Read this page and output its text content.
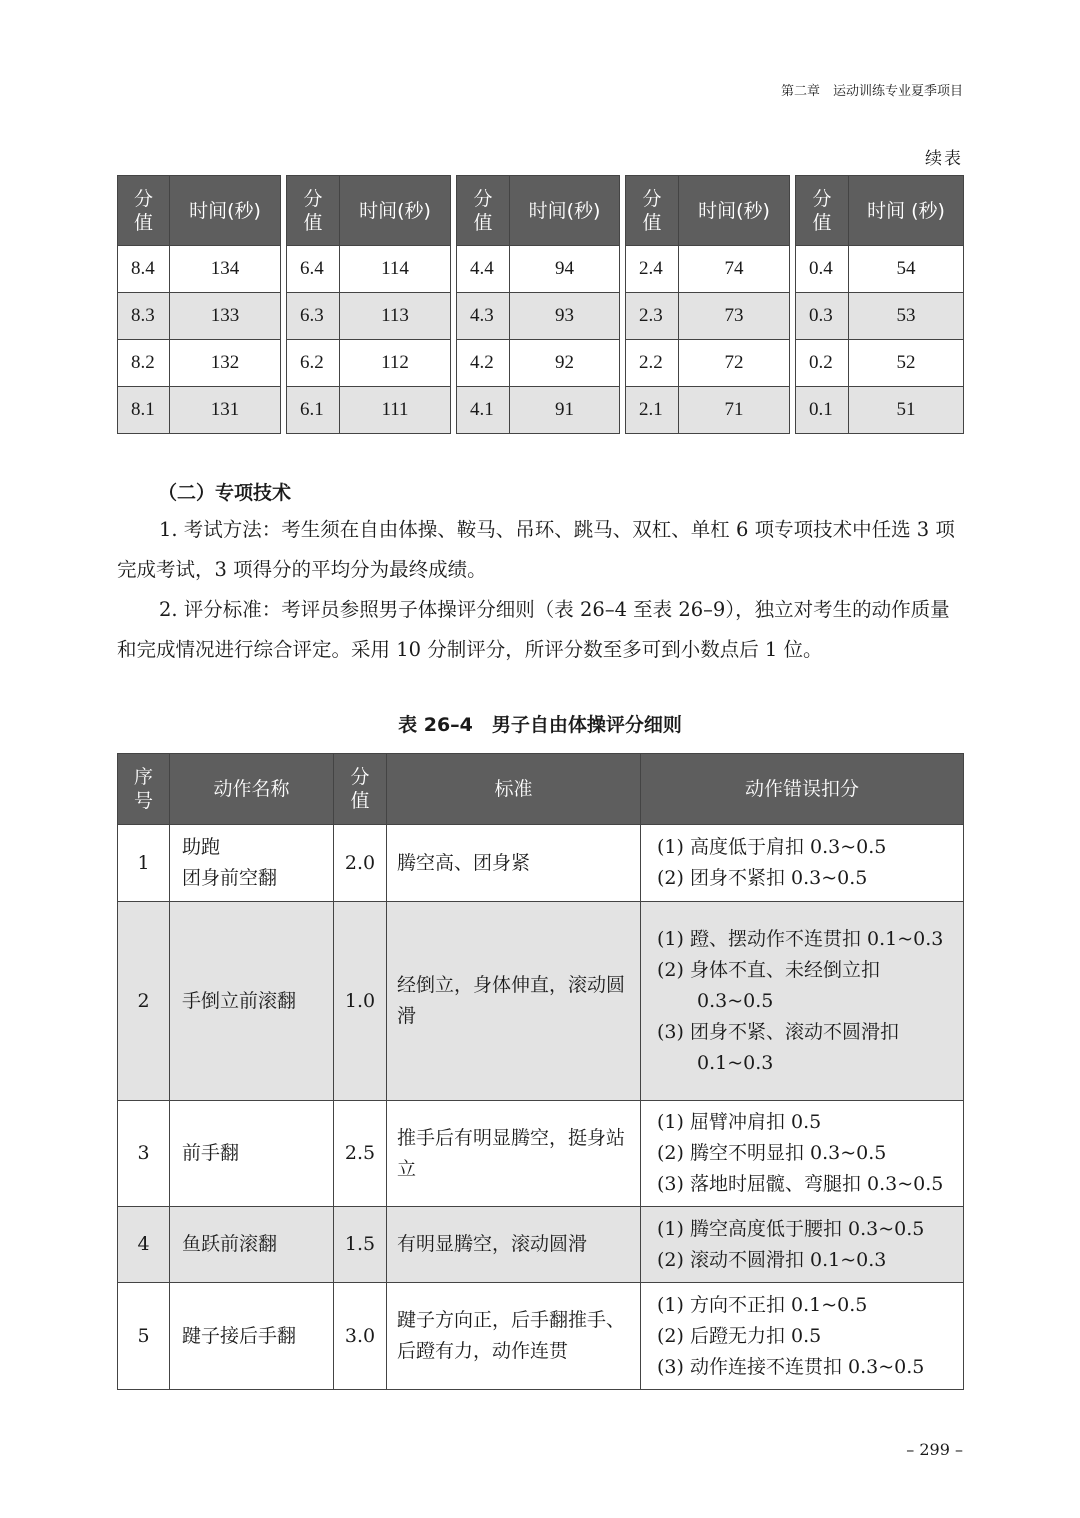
第二章　运动训练专业夏季项目
续表
分
值	时间(秒)
8.4	134
8.3	133
8.2	132
8.1	131
分
值	时间(秒)
6.4	114
6.3	113
6.2	112
6.1	111
分
值	时间(秒)
4.4	94
4.3	93
4.2	92
4.1	91
分
值	时间(秒)
2.4	74
2.3	73
2.2	72
2.1	71
分
值	时间 (秒)
0.4	54
0.3	53
0.2	52
0.1	51
（二）专项技术

1. 考试方法：考生须在自由体操、鞍马、吊环、跳马、双杠、单杠 6 项专项技术中任选 3 项完成考试，3 项得分的平均分为最终成绩。

2. 评分标准：考评员参照男子体操评分细则（表 26–4 至表 26–9），独立对考生的动作质量和完成情况进行综合评定。采用 10 分制评分，所评分数至多可到小数点后 1 位。

表 26–4　男子自由体操评分细则
序
号	动作名称	分
值	标准	动作错误扣分
1	助跑
团身前空翻	2.0	腾空高、团身紧	(1) 高度低于肩扣 0.3~0.5
(2) 团身不紧扣 0.3~0.5

2	手倒立前滚翻	1.0	经倒立，身体伸直，滚动圆滑	(1) 蹬、摆动作不连贯扣 0.1~0.3
(2) 身体不直、未经倒立扣
0.3~0.5
(3) 团身不紧、滚动不圆滑扣
0.1~0.3

3	前手翻	2.5	推手后有明显腾空，挺身站立	(1) 屈臂冲肩扣 0.5
(2) 腾空不明显扣 0.3~0.5
(3) 落地时屈髋、弯腿扣 0.3~0.5

4	鱼跃前滚翻	1.5	有明显腾空，滚动圆滑	(1) 腾空高度低于腰扣 0.3~0.5
(2) 滚动不圆滑扣 0.1~0.3

5	踺子接后手翻	3.0	踺子方向正，后手翻推手、后蹬有力，动作连贯	(1) 方向不正扣 0.1~0.5
(2) 后蹬无力扣 0.5
(3) 动作连接不连贯扣 0.3~0.5
– 299 –
